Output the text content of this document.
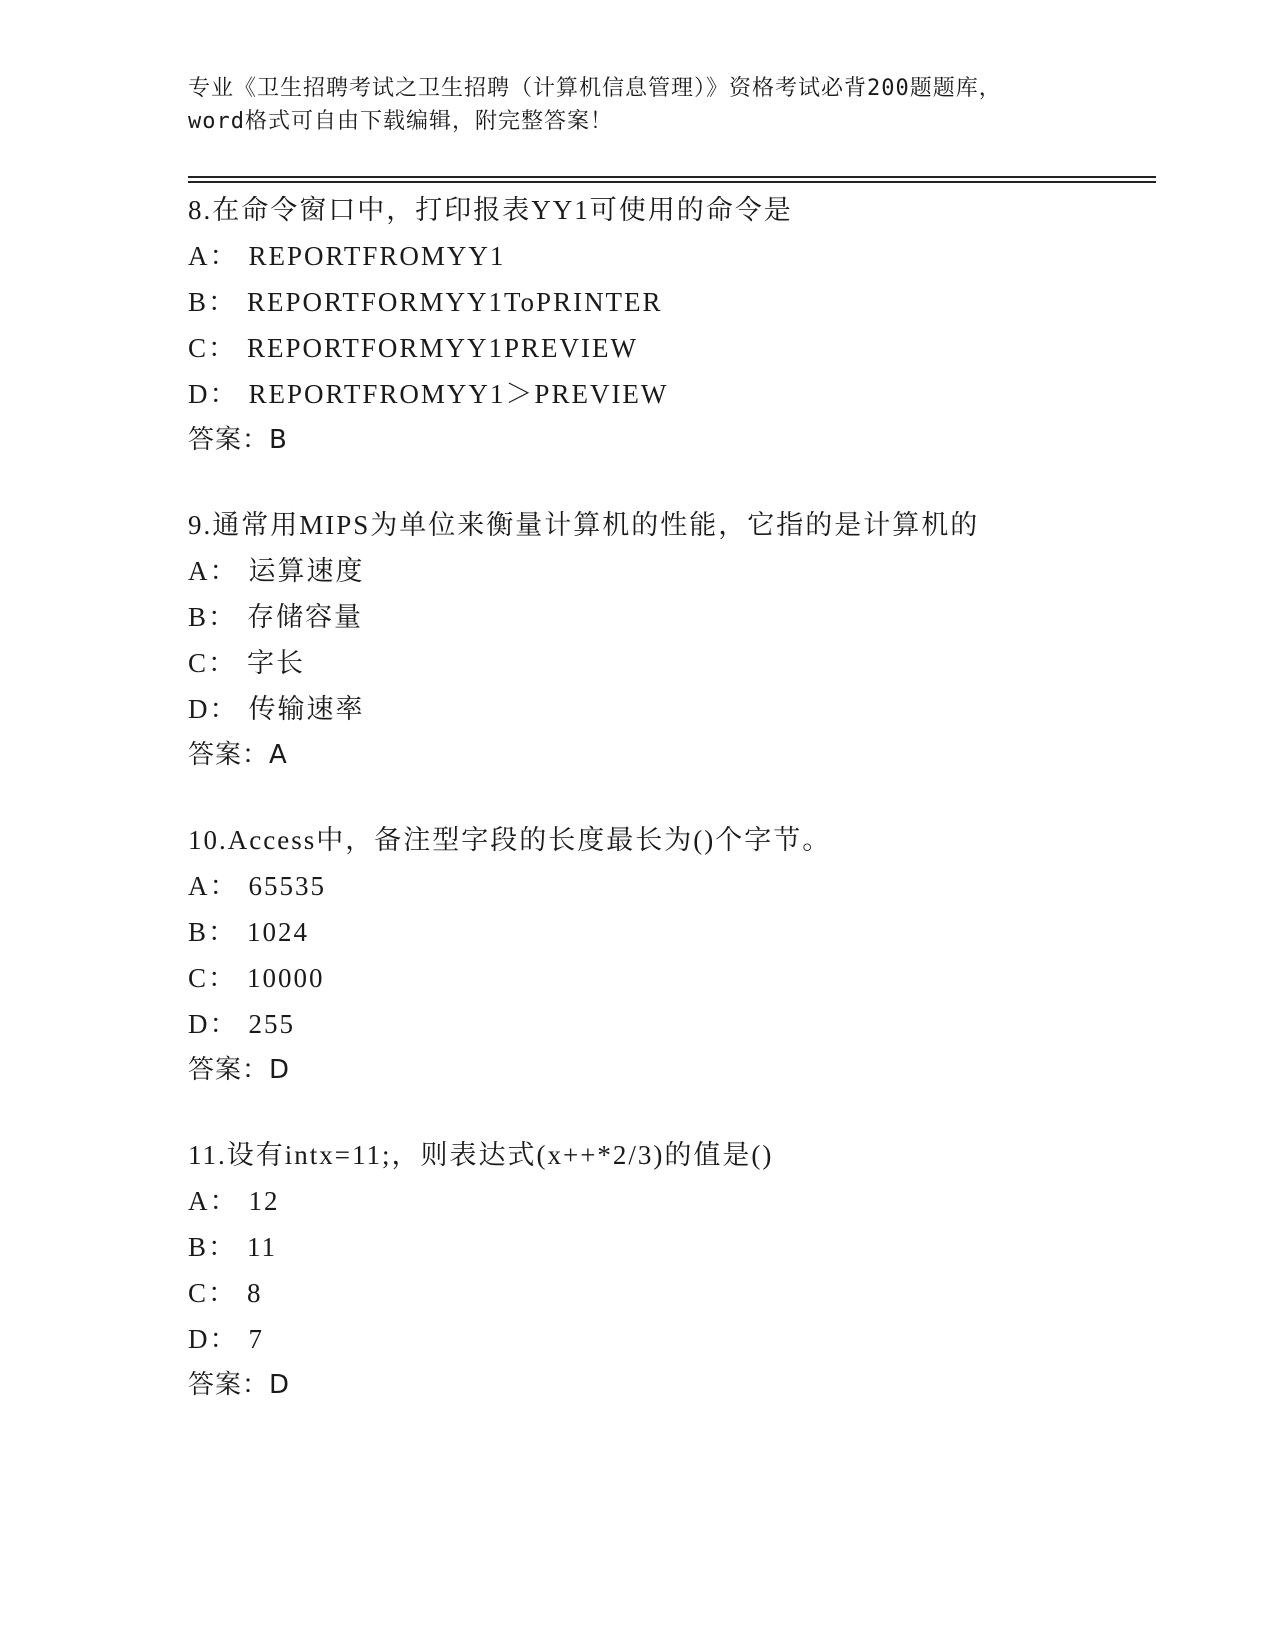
专业《卫生招聘考试之卫生招聘（计算机信息管理）》资格考试必背200题题库，
word格式可自由下载编辑，附完整答案！
8.在命令窗口中，打印报表YY1可使用的命令是
A： REPORTFROMYY1
B： REPORTFORMYY1ToPRINTER
C： REPORTFORMYY1PREVIEW
D： REPORTFROMYY1＞PREVIEW
答案：B
9.通常用MIPS为单位来衡量计算机的性能，它指的是计算机的
A： 运算速度
B： 存储容量
C： 字长
D： 传输速率
答案：A
10.Access中，备注型字段的长度最长为()个字节。
A： 65535
B： 1024
C： 10000
D： 255
答案：D
11.设有intx=11;，则表达式(x++*2/3)的值是()
A： 12
B： 11
C： 8
D： 7
答案：D
